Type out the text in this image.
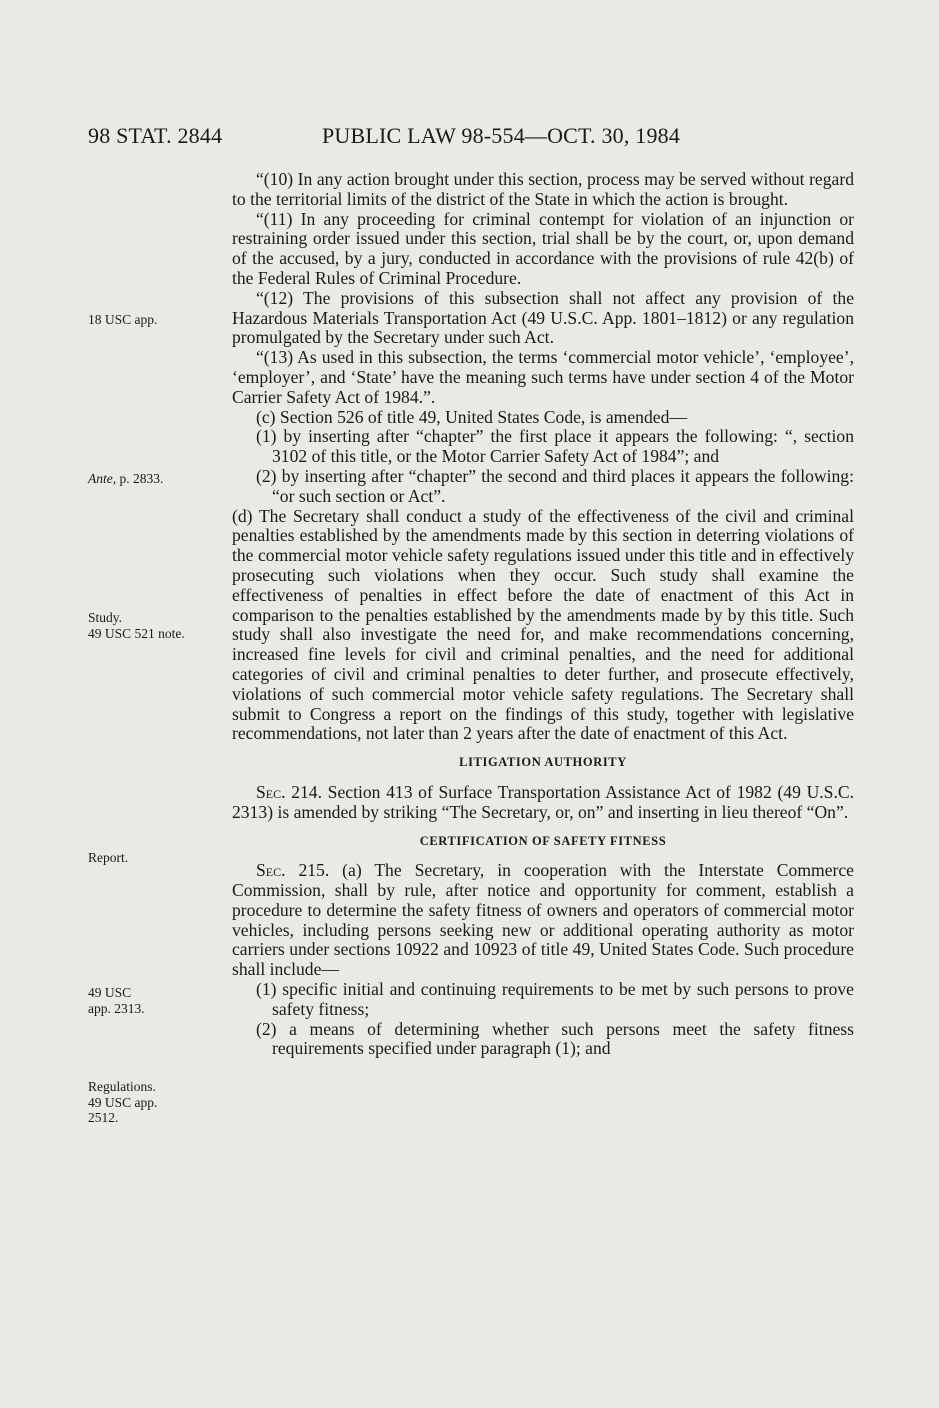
98 STAT. 2844	PUBLIC LAW 98-554—OCT. 30, 1984
18 USC app.
Ante, p. 2833.
Study.
49 USC 521 note.
Report.
49 USC
app. 2313.
Regulations.
49 USC app.
2512.

“(10) In any action brought under this section, process may be served without regard to the territorial limits of the district of the State in which the action is brought.

“(11) In any proceeding for criminal contempt for violation of an injunction or restraining order issued under this section, trial shall be by the court, or, upon demand of the accused, by a jury, conducted in accordance with the provisions of rule 42(b) of the Federal Rules of Criminal Procedure.

“(12) The provisions of this subsection shall not affect any provision of the Hazardous Materials Transportation Act (49 U.S.C. App. 1801–1812) or any regulation promulgated by the Secretary under such Act.

“(13) As used in this subsection, the terms ‘commercial motor vehicle’, ‘employee’, ‘employer’, and ‘State’ have the meaning such terms have under section 4 of the Motor Carrier Safety Act of 1984.”.

(c) Section 526 of title 49, United States Code, is amended—

(1) by inserting after “chapter” the first place it appears the following: “, section 3102 of this title, or the Motor Carrier Safety Act of 1984”; and

(2) by inserting after “chapter” the second and third places it appears the following: “or such section or Act”.

(d) The Secretary shall conduct a study of the effectiveness of the civil and criminal penalties established by the amendments made by this section in deterring violations of the commercial motor vehicle safety regulations issued under this title and in effectively prosecuting such violations when they occur. Such study shall examine the effectiveness of penalties in effect before the date of enactment of this Act in comparison to the penalties established by the amendments made by by this title. Such study shall also investigate the need for, and make recommendations concerning, increased fine levels for civil and criminal penalties, and the need for additional categories of civil and criminal penalties to deter further, and prosecute effectively, violations of such commercial motor vehicle safety regulations. The Secretary shall submit to Congress a report on the findings of this study, together with legislative recommendations, not later than 2 years after the date of enactment of this Act.

LITIGATION AUTHORITY

Sec. 214. Section 413 of Surface Transportation Assistance Act of 1982 (49 U.S.C. 2313) is amended by striking “The Secretary, or, on” and inserting in lieu thereof “On”.

CERTIFICATION OF SAFETY FITNESS

Sec. 215. (a) The Secretary, in cooperation with the Interstate Commerce Commission, shall by rule, after notice and opportunity for comment, establish a procedure to determine the safety fitness of owners and operators of commercial motor vehicles, including persons seeking new or additional operating authority as motor carriers under sections 10922 and 10923 of title 49, United States Code. Such procedure shall include—

(1) specific initial and continuing requirements to be met by such persons to prove safety fitness;

(2) a means of determining whether such persons meet the safety fitness requirements specified under paragraph (1); and
